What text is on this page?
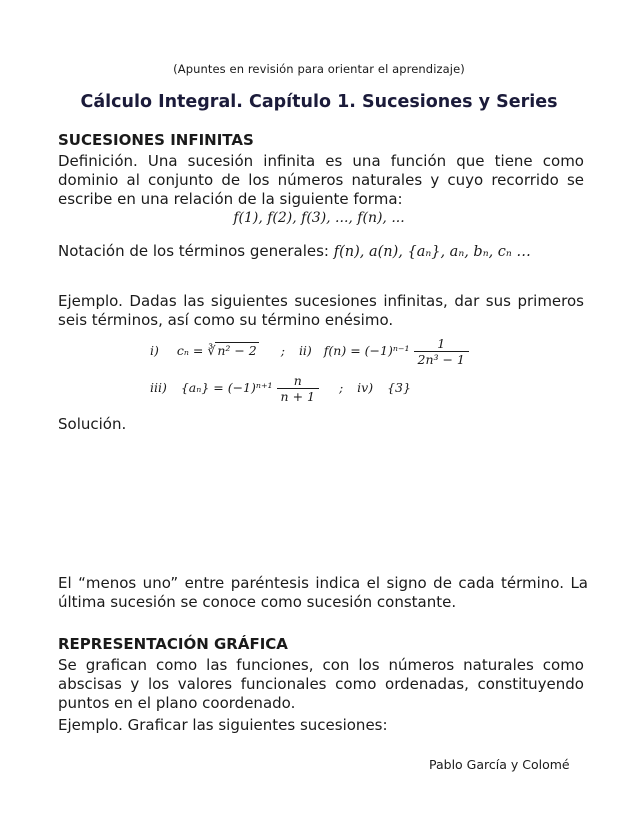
(Apuntes en revisión para orientar el aprendizaje)
Cálculo Integral. Capítulo 1. Sucesiones y Series
SUCESIONES INFINITAS
Definición. Una sucesión infinita es una función que tiene como dominio al conjunto de los números naturales y cuyo recorrido se escribe en una relación de la siguiente forma:
f(1), f(2), f(3), ..., f(n), ...
Notación de los términos generales: f(n), a(n), {aₙ}, aₙ, bₙ, cₙ …
Ejemplo. Dadas las siguientes sucesiones infinitas, dar sus primeros seis términos, así como su término enésimo.
i) cₙ = ∛ n² − 2 ; ii) $f(n) = (-1)^{n-1} \frac{1}{\text{2n³ − 1}}$
iii) $\{a_n\} = (-1)^{n+1} \frac{n}{n + 1}$ ; iv) {3}
Solución.
El “menos uno” entre paréntesis indica el signo de cada término. La última sucesión se conoce como sucesión constante.
REPRESENTACIÓN GRÁFICA
Se grafican como las funciones, con los números naturales como abscisas y los valores funcionales como ordenadas, constituyendo puntos en el plano coordenado.
Ejemplo. Graficar las siguientes sucesiones:
Pablo García y Colomé
